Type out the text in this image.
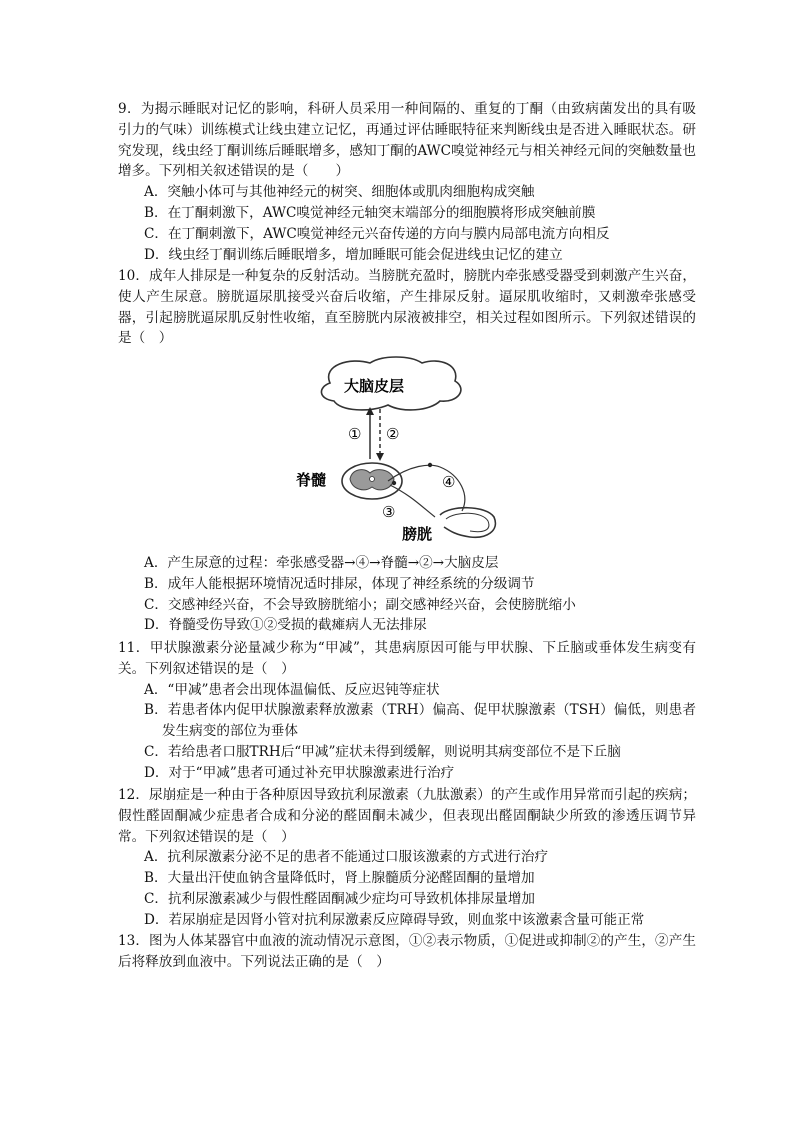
9．为揭示睡眠对记忆的影响，科研人员采用一种间隔的、重复的丁酮（由致病菌发出的具有吸引力的气味）训练模式让线虫建立记忆，再通过评估睡眠特征来判断线虫是否进入睡眠状态。研究发现，线虫经丁酮训练后睡眠增多，感知丁酮的AWC嗅觉神经元与相关神经元间的突触数量也增多。下列相关叙述错误的是（　　）

A．突触小体可与其他神经元的树突、细胞体或肌肉细胞构成突触
B．在丁酮刺激下，AWC嗅觉神经元轴突末端部分的细胞膜将形成突触前膜
C．在丁酮刺激下，AWC嗅觉神经元兴奋传递的方向与膜内局部电流方向相反
D．线虫经丁酮训练后睡眠增多，增加睡眠可能会促进线虫记忆的建立

10．成年人排尿是一种复杂的反射活动。当膀胱充盈时，膀胱内牵张感受器受到刺激产生兴奋，使人产生尿意。膀胱逼尿肌接受兴奋后收缩，产生排尿反射。逼尿肌收缩时，又刺激牵张感受器，引起膀胱逼尿肌反射性收缩，直至膀胱内尿液被排空，相关过程如图所示。下列叙述错误的是（　）

大脑皮层
① ②
脊髓	④
③
膀胱
A．产生尿意的过程：牵张感受器→④→脊髓→②→大脑皮层
B．成年人能根据环境情况适时排尿，体现了神经系统的分级调节
C．交感神经兴奋，不会导致膀胱缩小；副交感神经兴奋，会使膀胱缩小
D．脊髓受伤导致①②受损的截瘫病人无法排尿

11．甲状腺激素分泌量减少称为“甲减”，其患病原因可能与甲状腺、下丘脑或垂体发生病变有关。下列叙述错误的是（　）

A．“甲减”患者会出现体温偏低、反应迟钝等症状
B．若患者体内促甲状腺激素释放激素（TRH）偏高、促甲状腺激素（TSH）偏低，则患者发生病变的部位为垂体
C．若给患者口服TRH后“甲减”症状未得到缓解，则说明其病变部位不是下丘脑
D．对于“甲减”患者可通过补充甲状腺激素进行治疗

12．尿崩症是一种由于各种原因导致抗利尿激素（九肽激素）的产生或作用异常而引起的疾病；假性醛固酮减少症患者合成和分泌的醛固酮未减少，但表现出醛固酮缺少所致的渗透压调节异常。下列叙述错误的是（　）

A．抗利尿激素分泌不足的患者不能通过口服该激素的方式进行治疗
B．大量出汗使血钠含量降低时，肾上腺髓质分泌醛固酮的量增加
C．抗利尿激素减少与假性醛固酮减少症均可导致机体排尿量增加
D．若尿崩症是因肾小管对抗利尿激素反应障碍导致，则血浆中该激素含量可能正常

13．图为人体某器官中血液的流动情况示意图，①②表示物质，①促进或抑制②的产生，②产生后将释放到血液中。下列说法正确的是（　）
